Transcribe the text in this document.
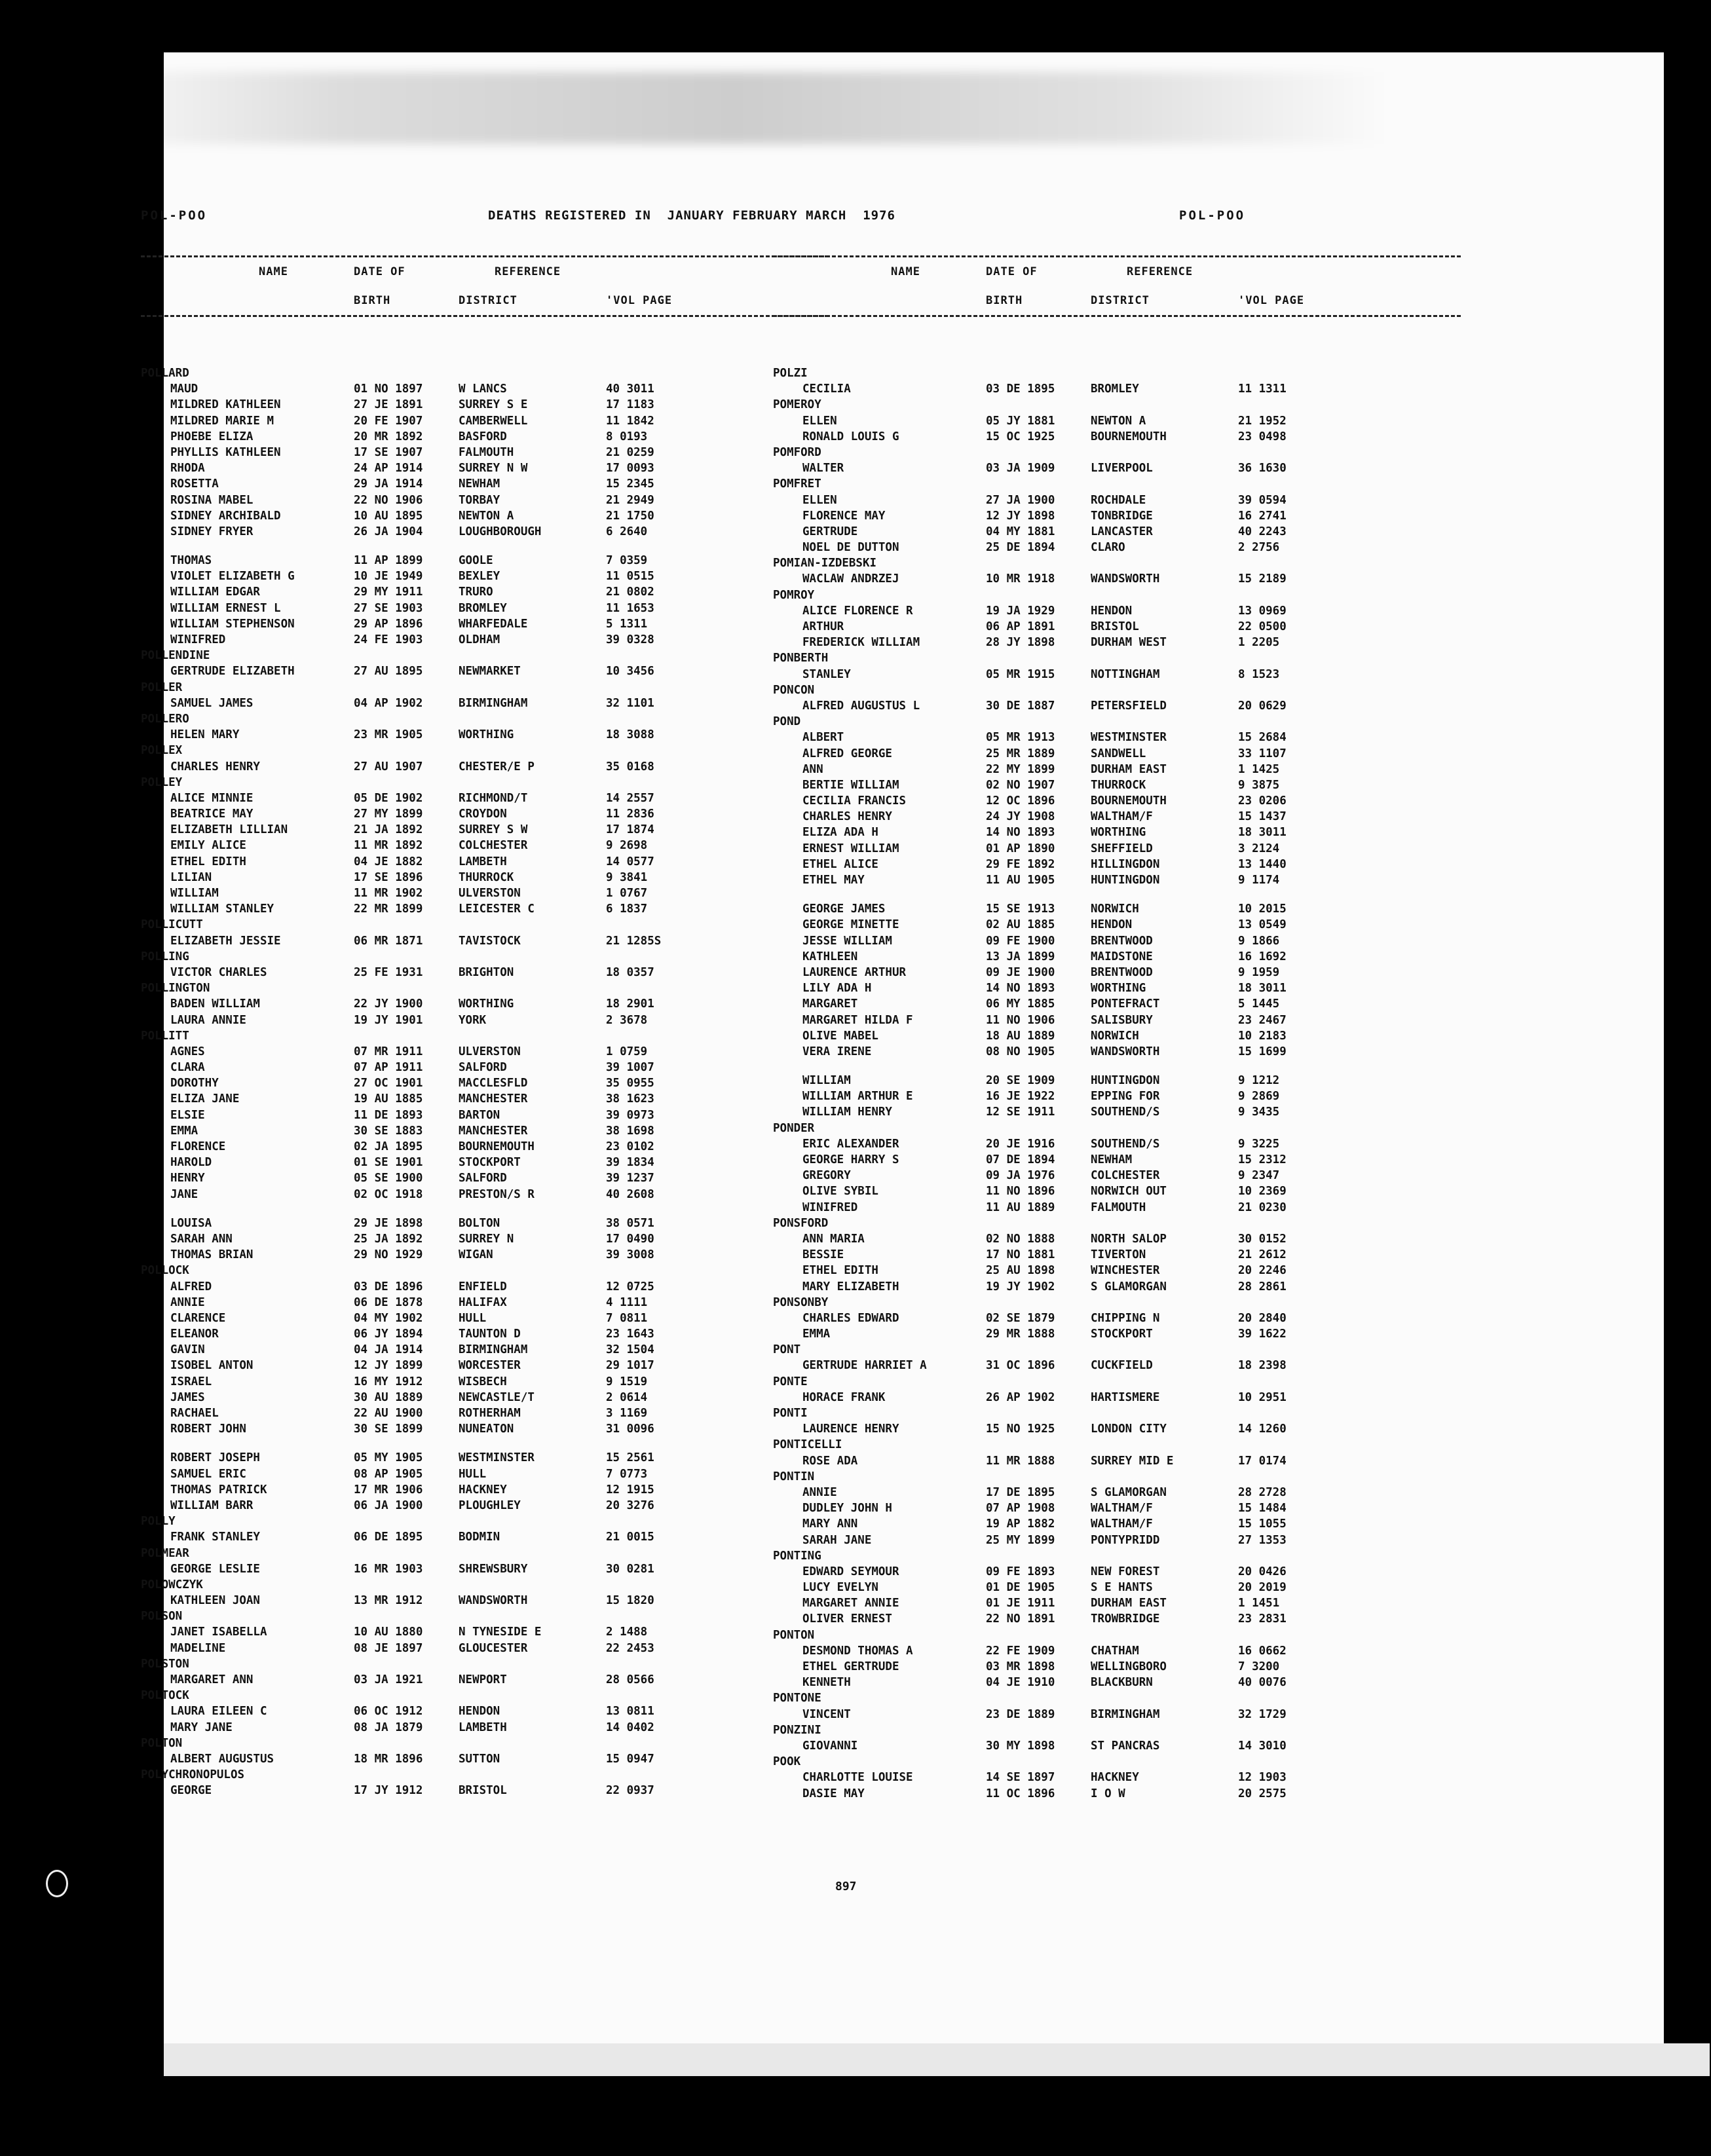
POL-POO	DEATHS REGISTERED IN  JANUARY FEBRUARY MARCH  1976	POL-POO
NAME	DATE OF	REFERENCE
BIRTH	DISTRICT	'VOL PAGE
NAME	DATE OF	REFERENCE
BIRTH	DISTRICT	'VOL PAGE
POLLARD
MAUD	01 NO 1897	W LANCS	40 3011
MILDRED KATHLEEN	27 JE 1891	SURREY S E	17 1183
MILDRED MARIE M	20 FE 1907	CAMBERWELL	11 1842
PHOEBE ELIZA	20 MR 1892	BASFORD	8 0193
PHYLLIS KATHLEEN	17 SE 1907	FALMOUTH	21 0259
RHODA	24 AP 1914	SURREY N W	17 0093
ROSETTA	29 JA 1914	NEWHAM	15 2345
ROSINA MABEL	22 NO 1906	TORBAY	21 2949
SIDNEY ARCHIBALD	10 AU 1895	NEWTON A	21 1750
SIDNEY FRYER	26 JA 1904	LOUGHBOROUGH	6 2640
THOMAS	11 AP 1899	GOOLE	7 0359
VIOLET ELIZABETH G	10 JE 1949	BEXLEY	11 0515
WILLIAM EDGAR	29 MY 1911	TRURO	21 0802
WILLIAM ERNEST L	27 SE 1903	BROMLEY	11 1653
WILLIAM STEPHENSON	29 AP 1896	WHARFEDALE	5 1311
WINIFRED	24 FE 1903	OLDHAM	39 0328
POLLENDINE
GERTRUDE ELIZABETH	27 AU 1895	NEWMARKET	10 3456
POLLER
SAMUEL JAMES	04 AP 1902	BIRMINGHAM	32 1101
POLLERO
HELEN MARY	23 MR 1905	WORTHING	18 3088
POLLEX
CHARLES HENRY	27 AU 1907	CHESTER/E P	35 0168
POLLEY
ALICE MINNIE	05 DE 1902	RICHMOND/T	14 2557
BEATRICE MAY	27 MY 1899	CROYDON	11 2836
ELIZABETH LILLIAN	21 JA 1892	SURREY S W	17 1874
EMILY ALICE	11 MR 1892	COLCHESTER	9 2698
ETHEL EDITH	04 JE 1882	LAMBETH	14 0577
LILIAN	17 SE 1896	THURROCK	9 3841
WILLIAM	11 MR 1902	ULVERSTON	1 0767
WILLIAM STANLEY	22 MR 1899	LEICESTER C	6 1837
POLLICUTT
ELIZABETH JESSIE	06 MR 1871	TAVISTOCK	21 1285S
POLLING
VICTOR CHARLES	25 FE 1931	BRIGHTON	18 0357
POLLINGTON
BADEN WILLIAM	22 JY 1900	WORTHING	18 2901
LAURA ANNIE	19 JY 1901	YORK	2 3678
POLLITT
AGNES	07 MR 1911	ULVERSTON	1 0759
CLARA	07 AP 1911	SALFORD	39 1007
DOROTHY	27 OC 1901	MACCLESFLD	35 0955
ELIZA JANE	19 AU 1885	MANCHESTER	38 1623
ELSIE	11 DE 1893	BARTON	39 0973
EMMA	30 SE 1883	MANCHESTER	38 1698
FLORENCE	02 JA 1895	BOURNEMOUTH	23 0102
HAROLD	01 SE 1901	STOCKPORT	39 1834
HENRY	05 SE 1900	SALFORD	39 1237
JANE	02 OC 1918	PRESTON/S R	40 2608
LOUISA	29 JE 1898	BOLTON	38 0571
SARAH ANN	25 JA 1892	SURREY N	17 0490
THOMAS BRIAN	29 NO 1929	WIGAN	39 3008
POLLOCK
ALFRED	03 DE 1896	ENFIELD	12 0725
ANNIE	06 DE 1878	HALIFAX	4 1111
CLARENCE	04 MY 1902	HULL	7 0811
ELEANOR	06 JY 1894	TAUNTON D	23 1643
GAVIN	04 JA 1914	BIRMINGHAM	32 1504
ISOBEL ANTON	12 JY 1899	WORCESTER	29 1017
ISRAEL	16 MY 1912	WISBECH	9 1519
JAMES	30 AU 1889	NEWCASTLE/T	2 0614
RACHAEL	22 AU 1900	ROTHERHAM	3 1169
ROBERT JOHN	30 SE 1899	NUNEATON	31 0096
ROBERT JOSEPH	05 MY 1905	WESTMINSTER	15 2561
SAMUEL ERIC	08 AP 1905	HULL	7 0773
THOMAS PATRICK	17 MR 1906	HACKNEY	12 1915
WILLIAM BARR	06 JA 1900	PLOUGHLEY	20 3276
POLLY
FRANK STANLEY	06 DE 1895	BODMIN	21 0015
POLMEAR
GEORGE LESLIE	16 MR 1903	SHREWSBURY	30 0281
POLOWCZYK
KATHLEEN JOAN	13 MR 1912	WANDSWORTH	15 1820
POLSON
JANET ISABELLA	10 AU 1880	N TYNESIDE E	2 1488
MADELINE	08 JE 1897	GLOUCESTER	22 2453
POLSTON
MARGARET ANN	03 JA 1921	NEWPORT	28 0566
POLTOCK
LAURA EILEEN C	06 OC 1912	HENDON	13 0811
MARY JANE	08 JA 1879	LAMBETH	14 0402
POLTON
ALBERT AUGUSTUS	18 MR 1896	SUTTON	15 0947
POLYCHRONOPULOS
GEORGE	17 JY 1912	BRISTOL	22 0937
POLZI
CECILIA	03 DE 1895	BROMLEY	11 1311
POMEROY
ELLEN	05 JY 1881	NEWTON A	21 1952
RONALD LOUIS G	15 OC 1925	BOURNEMOUTH	23 0498
POMFORD
WALTER	03 JA 1909	LIVERPOOL	36 1630
POMFRET
ELLEN	27 JA 1900	ROCHDALE	39 0594
FLORENCE MAY	12 JY 1898	TONBRIDGE	16 2741
GERTRUDE	04 MY 1881	LANCASTER	40 2243
NOEL DE DUTTON	25 DE 1894	CLARO	2 2756
POMIAN-IZDEBSKI
WACLAW ANDRZEJ	10 MR 1918	WANDSWORTH	15 2189
POMROY
ALICE FLORENCE R	19 JA 1929	HENDON	13 0969
ARTHUR	06 AP 1891	BRISTOL	22 0500
FREDERICK WILLIAM	28 JY 1898	DURHAM WEST	1 2205
PONBERTH
STANLEY	05 MR 1915	NOTTINGHAM	8 1523
PONCON
ALFRED AUGUSTUS L	30 DE 1887	PETERSFIELD	20 0629
POND
ALBERT	05 MR 1913	WESTMINSTER	15 2684
ALFRED GEORGE	25 MR 1889	SANDWELL	33 1107
ANN	22 MY 1899	DURHAM EAST	1 1425
BERTIE WILLIAM	02 NO 1907	THURROCK	9 3875
CECILIA FRANCIS	12 OC 1896	BOURNEMOUTH	23 0206
CHARLES HENRY	24 JY 1908	WALTHAM/F	15 1437
ELIZA ADA H	14 NO 1893	WORTHING	18 3011
ERNEST WILLIAM	01 AP 1890	SHEFFIELD	3 2124
ETHEL ALICE	29 FE 1892	HILLINGDON	13 1440
ETHEL MAY	11 AU 1905	HUNTINGDON	9 1174
GEORGE JAMES	15 SE 1913	NORWICH	10 2015
GEORGE MINETTE	02 AU 1885	HENDON	13 0549
JESSE WILLIAM	09 FE 1900	BRENTWOOD	9 1866
KATHLEEN	13 JA 1899	MAIDSTONE	16 1692
LAURENCE ARTHUR	09 JE 1900	BRENTWOOD	9 1959
LILY ADA H	14 NO 1893	WORTHING	18 3011
MARGARET	06 MY 1885	PONTEFRACT	5 1445
MARGARET HILDA F	11 NO 1906	SALISBURY	23 2467
OLIVE MABEL	18 AU 1889	NORWICH	10 2183
VERA IRENE	08 NO 1905	WANDSWORTH	15 1699
WILLIAM	20 SE 1909	HUNTINGDON	9 1212
WILLIAM ARTHUR E	16 JE 1922	EPPING FOR	9 2869
WILLIAM HENRY	12 SE 1911	SOUTHEND/S	9 3435
PONDER
ERIC ALEXANDER	20 JE 1916	SOUTHEND/S	9 3225
GEORGE HARRY S	07 DE 1894	NEWHAM	15 2312
GREGORY	09 JA 1976	COLCHESTER	9 2347
OLIVE SYBIL	11 NO 1896	NORWICH OUT	10 2369
WINIFRED	11 AU 1889	FALMOUTH	21 0230
PONSFORD
ANN MARIA	02 NO 1888	NORTH SALOP	30 0152
BESSIE	17 NO 1881	TIVERTON	21 2612
ETHEL EDITH	25 AU 1898	WINCHESTER	20 2246
MARY ELIZABETH	19 JY 1902	S GLAMORGAN	28 2861
PONSONBY
CHARLES EDWARD	02 SE 1879	CHIPPING N	20 2840
EMMA	29 MR 1888	STOCKPORT	39 1622
PONT
GERTRUDE HARRIET A	31 OC 1896	CUCKFIELD	18 2398
PONTE
HORACE FRANK	26 AP 1902	HARTISMERE	10 2951
PONTI
LAURENCE HENRY	15 NO 1925	LONDON CITY	14 1260
PONTICELLI
ROSE ADA	11 MR 1888	SURREY MID E	17 0174
PONTIN
ANNIE	17 DE 1895	S GLAMORGAN	28 2728
DUDLEY JOHN H	07 AP 1908	WALTHAM/F	15 1484
MARY ANN	19 AP 1882	WALTHAM/F	15 1055
SARAH JANE	25 MY 1899	PONTYPRIDD	27 1353
PONTING
EDWARD SEYMOUR	09 FE 1893	NEW FOREST	20 0426
LUCY EVELYN	01 DE 1905	S E HANTS	20 2019
MARGARET ANNIE	01 JE 1911	DURHAM EAST	1 1451
OLIVER ERNEST	22 NO 1891	TROWBRIDGE	23 2831
PONTON
DESMOND THOMAS A	22 FE 1909	CHATHAM	16 0662
ETHEL GERTRUDE	03 MR 1898	WELLINGBORO	7 3200
KENNETH	04 JE 1910	BLACKBURN	40 0076
PONTONE
VINCENT	23 DE 1889	BIRMINGHAM	32 1729
PONZINI
GIOVANNI	30 MY 1898	ST PANCRAS	14 3010
POOK
CHARLOTTE LOUISE	14 SE 1897	HACKNEY	12 1903
DASIE MAY	11 OC 1896	I O W	20 2575
897
